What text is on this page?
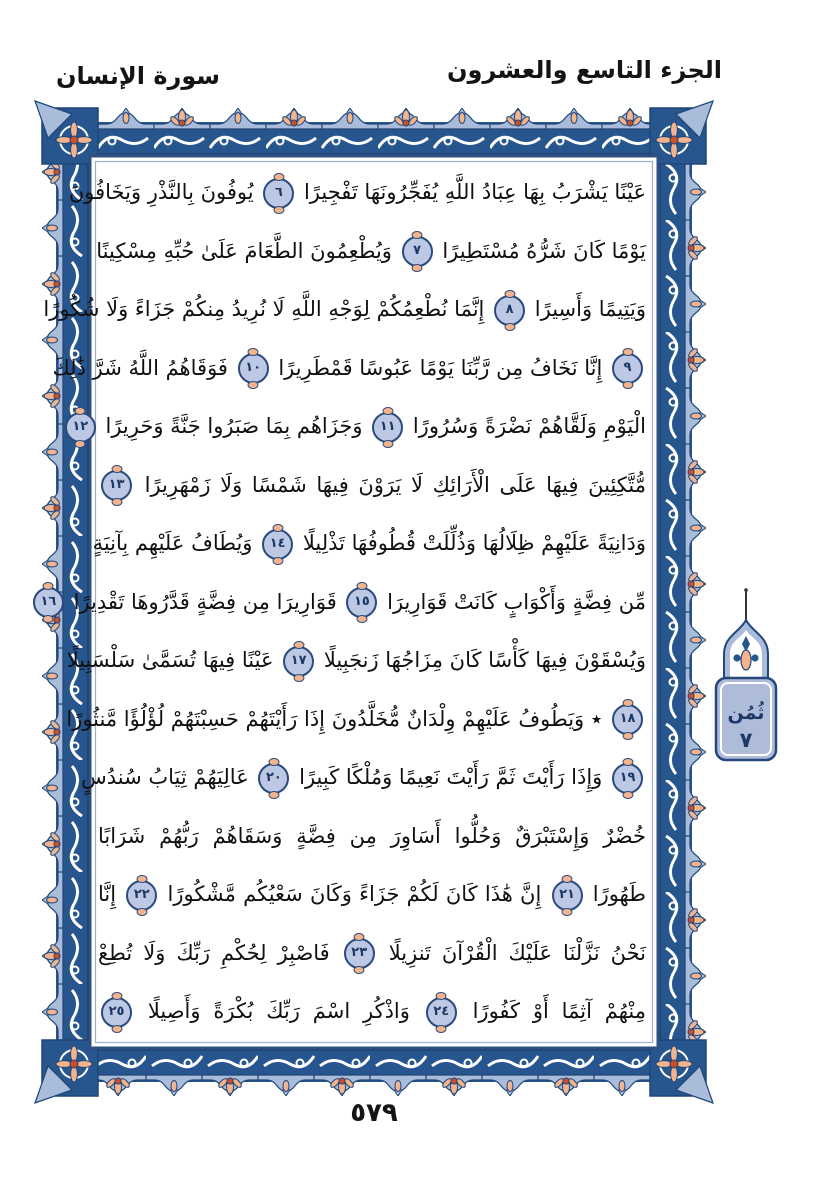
الجزء التاسع والعشرون
سورة الإنسان
عَيْنًا يَشْرَبُ بِهَا عِبَادُ اللَّهِ يُفَجِّرُونَهَا تَفْجِيرًا ٦ يُوفُونَ بِالنَّذْرِ وَيَخَافُونَ
يَوْمًا كَانَ شَرُّهُ مُسْتَطِيرًا ٧ وَيُطْعِمُونَ الطَّعَامَ عَلَىٰ حُبِّهِ مِسْكِينًا
وَيَتِيمًا وَأَسِيرًا ٨ إِنَّمَا نُطْعِمُكُمْ لِوَجْهِ اللَّهِ لَا نُرِيدُ مِنكُمْ جَزَاءً وَلَا شُكُورًا
٩ إِنَّا نَخَافُ مِن رَّبِّنَا يَوْمًا عَبُوسًا قَمْطَرِيرًا ١٠ فَوَقَاهُمُ اللَّهُ شَرَّ ذَٰلِكَ
الْيَوْمِ وَلَقَّاهُمْ نَضْرَةً وَسُرُورًا ١١ وَجَزَاهُم بِمَا صَبَرُوا جَنَّةً وَحَرِيرًا ١٢
مُّتَّكِئِينَ فِيهَا عَلَى الْأَرَائِكِ لَا يَرَوْنَ فِيهَا شَمْسًا وَلَا زَمْهَرِيرًا ١٣
وَدَانِيَةً عَلَيْهِمْ ظِلَالُهَا وَذُلِّلَتْ قُطُوفُهَا تَذْلِيلًا ١٤ وَيُطَافُ عَلَيْهِم بِآنِيَةٍ
مِّن فِضَّةٍ وَأَكْوَابٍ كَانَتْ قَوَارِيرَا ١٥ قَوَارِيرَا مِن فِضَّةٍ قَدَّرُوهَا تَقْدِيرًا ١٦
وَيُسْقَوْنَ فِيهَا كَأْسًا كَانَ مِزَاجُهَا زَنجَبِيلًا ١٧ عَيْنًا فِيهَا تُسَمَّىٰ سَلْسَبِيلًا
١٨ ٭ وَيَطُوفُ عَلَيْهِمْ وِلْدَانٌ مُّخَلَّدُونَ إِذَا رَأَيْتَهُمْ حَسِبْتَهُمْ لُؤْلُؤًا مَّنثُورًا
١٩ وَإِذَا رَأَيْتَ ثَمَّ رَأَيْتَ نَعِيمًا وَمُلْكًا كَبِيرًا ٢٠ عَالِيَهُمْ ثِيَابُ سُندُسٍ
خُضْرٌ وَإِسْتَبْرَقٌ وَحُلُّوا أَسَاوِرَ مِن فِضَّةٍ وَسَقَاهُمْ رَبُّهُمْ شَرَابًا
طَهُورًا ٢١ إِنَّ هَٰذَا كَانَ لَكُمْ جَزَاءً وَكَانَ سَعْيُكُم مَّشْكُورًا ٢٢ إِنَّا
نَحْنُ نَزَّلْنَا عَلَيْكَ الْقُرْآنَ تَنزِيلًا ٢٣ فَاصْبِرْ لِحُكْمِ رَبِّكَ وَلَا تُطِعْ
مِنْهُمْ آثِمًا أَوْ كَفُورًا ٢٤ وَاذْكُرِ اسْمَ رَبِّكَ بُكْرَةً وَأَصِيلًا ٢٥
ثُمُن
٧
٥٧٩
